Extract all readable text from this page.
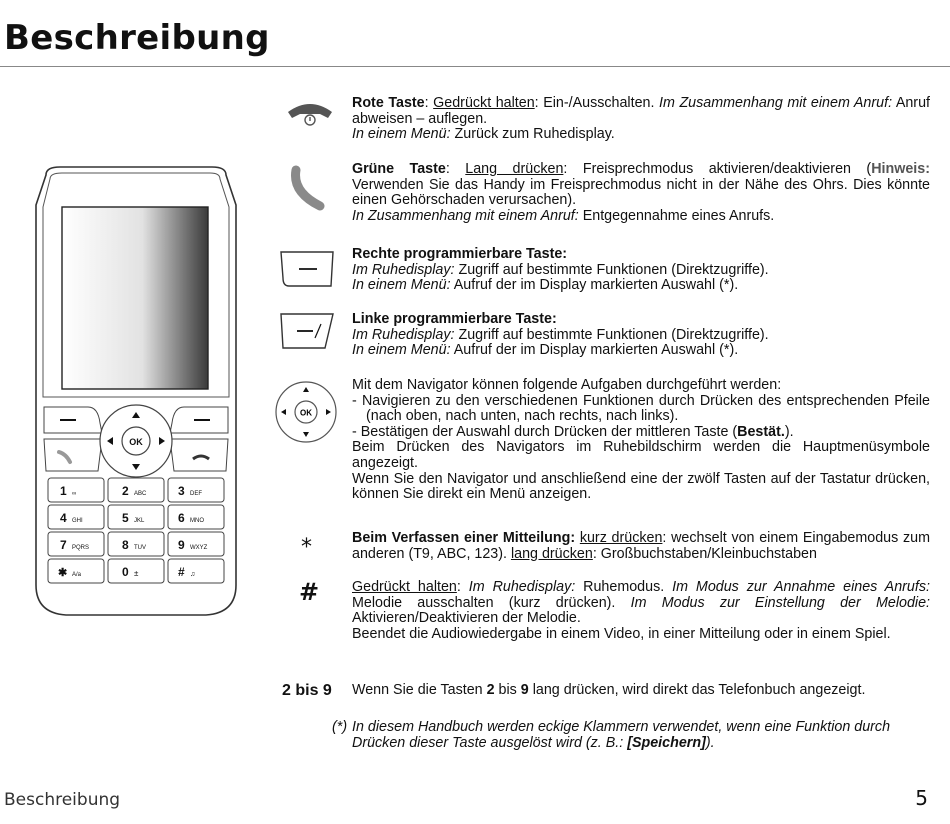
Beschreibung
OK
1 ∞	2 ABC	3 DEF
4 GHI	5 JKL	6 MNO
7 PQRS	8 TUV	9 WXYZ
✱ A/a	0 ±	# ♫
OK
*
#

Rote Taste: Gedrückt halten: Ein-/Ausschalten. Im Zusammenhang mit einem Anruf: Anruf abweisen – auflegen.

In einem Menü: Zurück zum Ruhedisplay.

Grüne Taste: Lang drücken: Freisprechmodus aktivieren/deaktivieren (Hinweis: Verwenden Sie das Handy im Freisprechmodus nicht in der Nähe des Ohrs. Dies könnte einen Gehörschaden verursachen).

In Zusammenhang mit einem Anruf: Entgegennahme eines Anrufs.

Rechte programmierbare Taste:

Im Ruhedisplay: Zugriff auf bestimmte Funktionen (Direktzugriffe).

In einem Menü: Aufruf der im Display markierten Auswahl (*).

Linke programmierbare Taste:

Im Ruhedisplay: Zugriff auf bestimmte Funktionen (Direktzugriffe).

In einem Menü: Aufruf der im Display markierten Auswahl (*).

Mit dem Navigator können folgende Aufgaben durchgeführt werden:

- Navigieren zu den verschiedenen Funktionen durch Drücken des entsprechenden Pfeile (nach oben, nach unten, nach rechts, nach links).

- Bestätigen der Auswahl durch Drücken der mittleren Taste (Bestät.).

Beim Drücken des Navigators im Ruhebildschirm werden die Hauptmenüsymbole angezeigt.

Wenn Sie den Navigator und anschließend eine der zwölf Tasten auf der Tastatur drücken, können Sie direkt ein Menü anzeigen.

Beim Verfassen einer Mitteilung: kurz drücken: wechselt von einem Eingabemodus zum anderen (T9, ABC, 123). lang drücken: Großbuchstaben/Kleinbuchstaben

Gedrückt halten: Im Ruhedisplay: Ruhemodus. Im Modus zur Annahme eines Anrufs: Melodie ausschalten (kurz drücken). Im Modus zur Einstellung der Melodie: Aktivieren/Deaktivieren der Melodie.

Beendet die Audiowiedergabe in einem Video, in einer Mitteilung oder in einem Spiel.

2 bis 9 Wenn Sie die Tasten 2 bis 9 lang drücken, wird direkt das Telefonbuch angezeigt.

(*) In diesem Handbuch werden eckige Klammern verwendet, wenn eine Funktion durch Drücken dieser Taste ausgelöst wird (z. B.: [Speichern]).
Beschreibung	5
